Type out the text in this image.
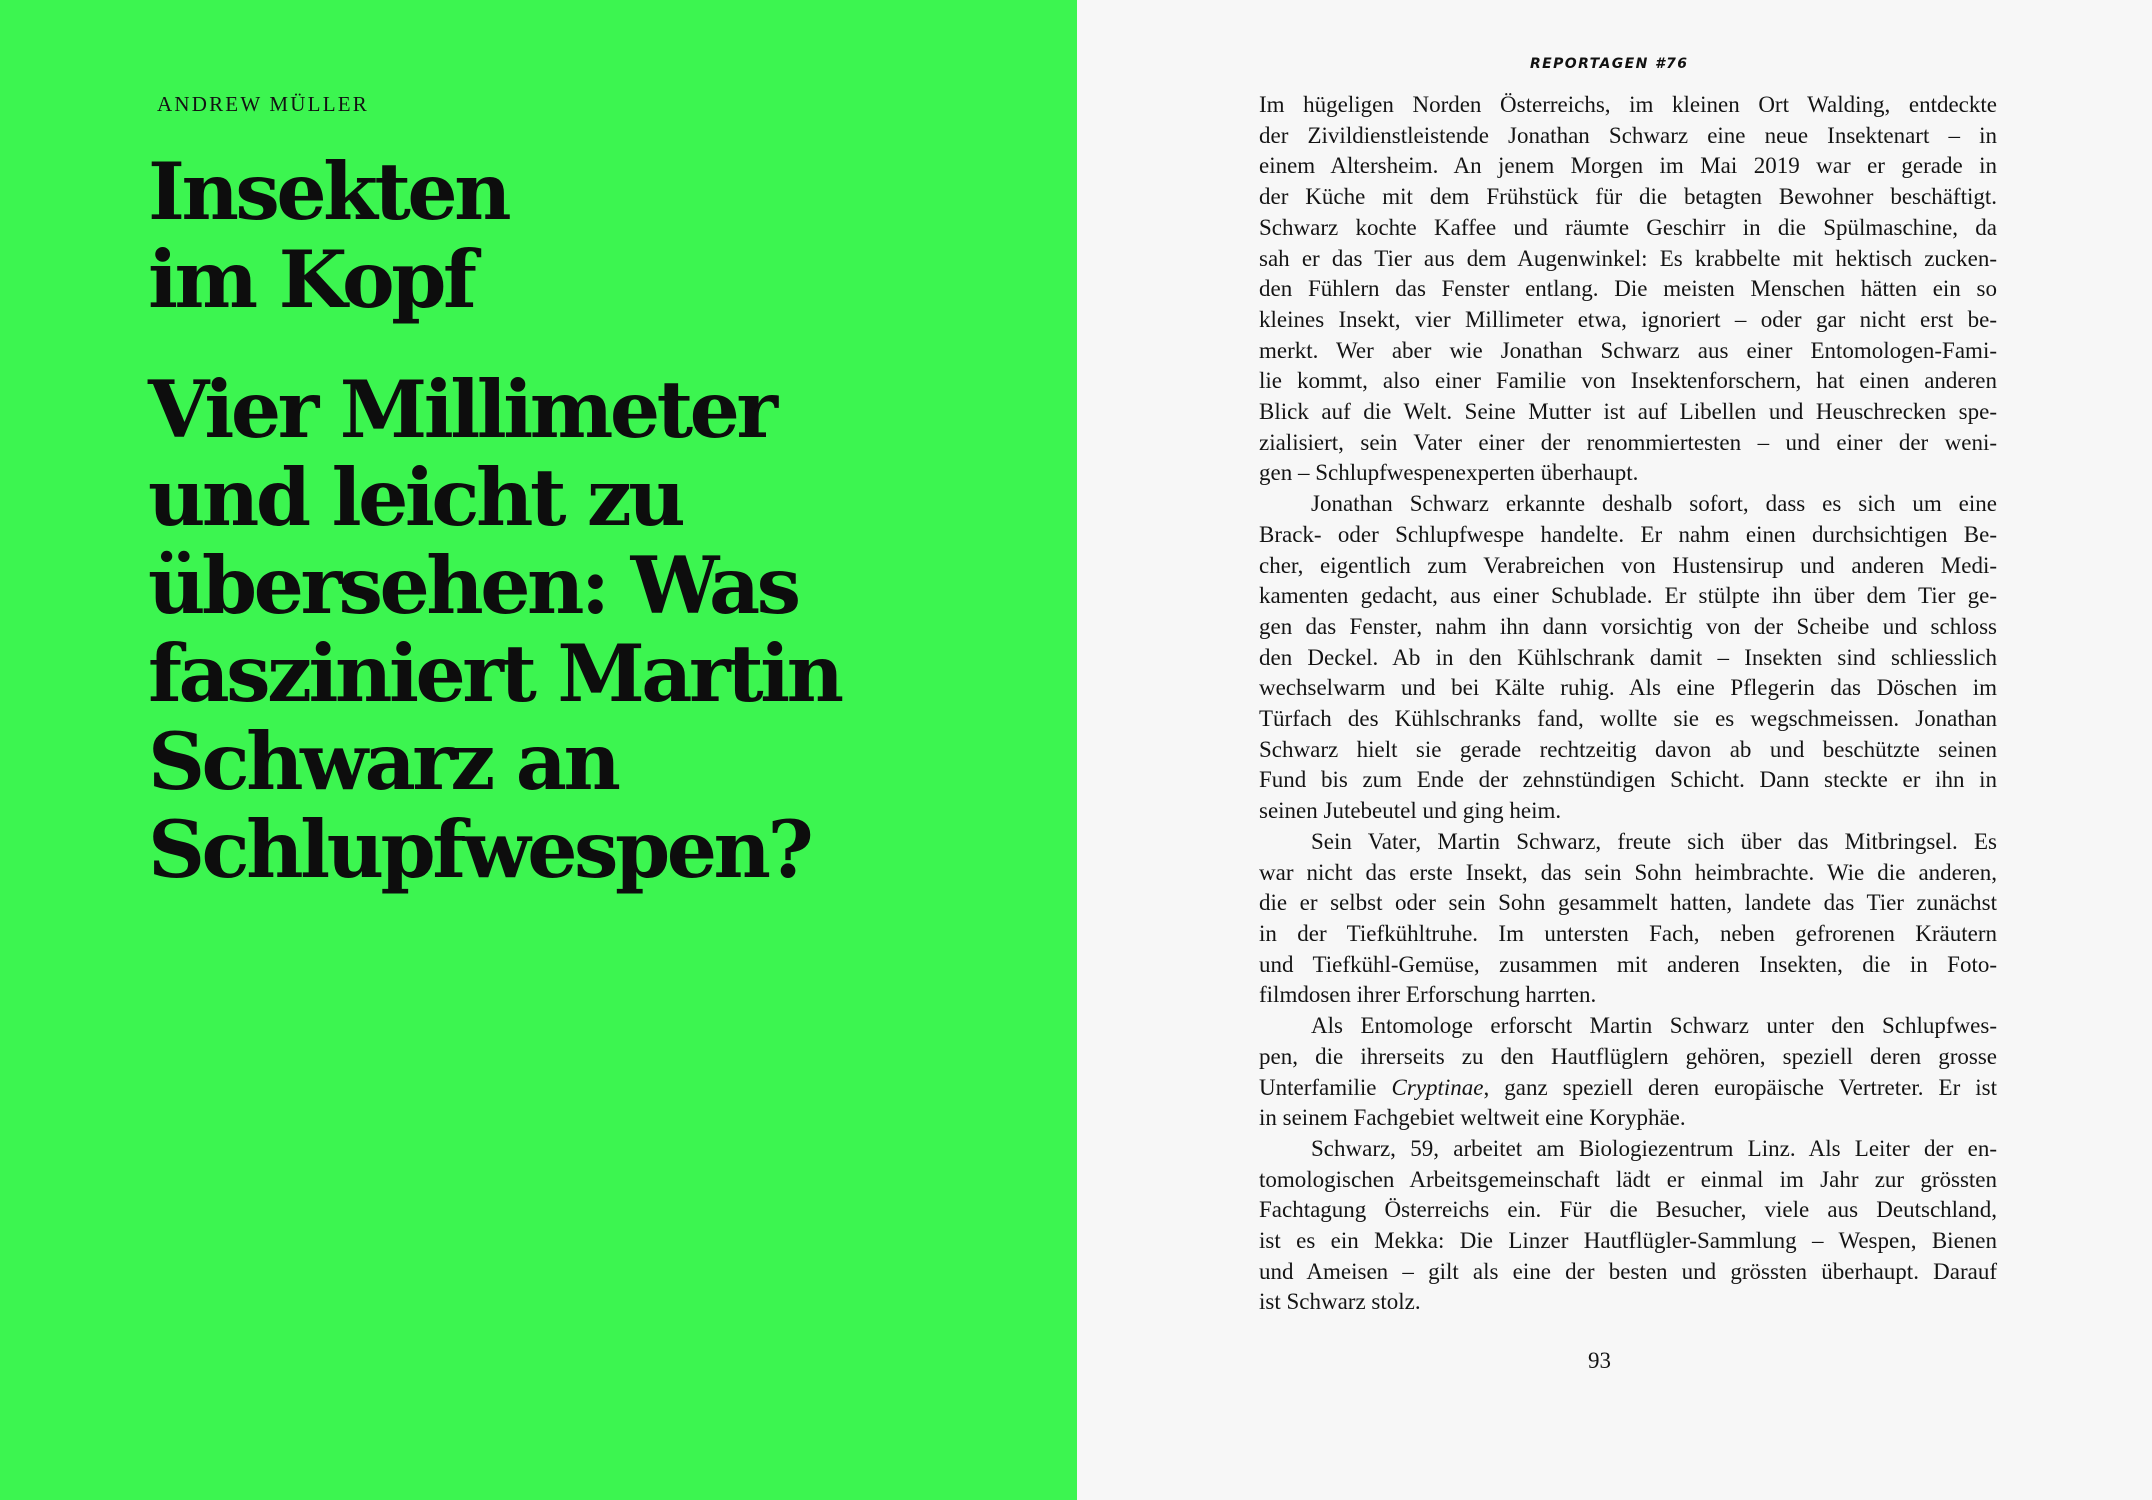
ANDREW MÜLLER
Insekten
im Kopf
Vier Millimeter
und leicht zu
übersehen: Was
fasziniert Martin
Schwarz an
Schlupfwespen?
REPORTAGEN #76
Im hügeligen Norden Österreichs, im kleinen Ort Walding, entdeckte
der Zivildienstleistende Jonathan Schwarz eine neue Insektenart – in
einem Altersheim. An jenem Morgen im Mai 2019 war er gerade in
der Küche mit dem Frühstück für die betagten Bewohner beschäftigt.
Schwarz kochte Kaffee und räumte Geschirr in die Spülmaschine, da
sah er das Tier aus dem Augenwinkel: Es krabbelte mit hektisch zucken-
den Fühlern das Fenster entlang. Die meisten Menschen hätten ein so
kleines Insekt, vier Millimeter etwa, ignoriert – oder gar nicht erst be-
merkt. Wer aber wie Jonathan Schwarz aus einer Entomologen-Fami-
lie kommt, also einer Familie von Insektenforschern, hat einen anderen
Blick auf die Welt. Seine Mutter ist auf Libellen und Heuschrecken spe-
zialisiert, sein Vater einer der renommiertesten – und einer der weni-
gen – Schlupfwespenexperten überhaupt.
Jonathan Schwarz erkannte deshalb sofort, dass es sich um eine
Brack- oder Schlupfwespe handelte. Er nahm einen durchsichtigen Be-
cher, eigentlich zum Verabreichen von Hustensirup und anderen Medi-
kamenten gedacht, aus einer Schublade. Er stülpte ihn über dem Tier ge-
gen das Fenster, nahm ihn dann vorsichtig von der Scheibe und schloss
den Deckel. Ab in den Kühlschrank damit – Insekten sind schliesslich
wechselwarm und bei Kälte ruhig. Als eine Pflegerin das Döschen im
Türfach des Kühlschranks fand, wollte sie es wegschmeissen. Jonathan
Schwarz hielt sie gerade rechtzeitig davon ab und beschützte seinen
Fund bis zum Ende der zehnstündigen Schicht. Dann steckte er ihn in
seinen Jutebeutel und ging heim.
Sein Vater, Martin Schwarz, freute sich über das Mitbringsel. Es
war nicht das erste Insekt, das sein Sohn heimbrachte. Wie die anderen,
die er selbst oder sein Sohn gesammelt hatten, landete das Tier zunächst
in der Tiefkühltruhe. Im untersten Fach, neben gefrorenen Kräutern
und Tiefkühl-Gemüse, zusammen mit anderen Insekten, die in Foto-
filmdosen ihrer Erforschung harrten.
Als Entomologe erforscht Martin Schwarz unter den Schlupfwes-
pen, die ihrerseits zu den Hautflüglern gehören, speziell deren grosse
Unterfamilie Cryptinae, ganz speziell deren europäische Vertreter. Er ist
in seinem Fachgebiet weltweit eine Koryphäe.
Schwarz, 59, arbeitet am Biologiezentrum Linz. Als Leiter der en-
tomologischen Arbeitsgemeinschaft lädt er einmal im Jahr zur grössten
Fachtagung Österreichs ein. Für die Besucher, viele aus Deutschland,
ist es ein Mekka: Die Linzer Hautflügler-Sammlung – Wespen, Bienen
und Ameisen – gilt als eine der besten und grössten überhaupt. Darauf
ist Schwarz stolz.
93
